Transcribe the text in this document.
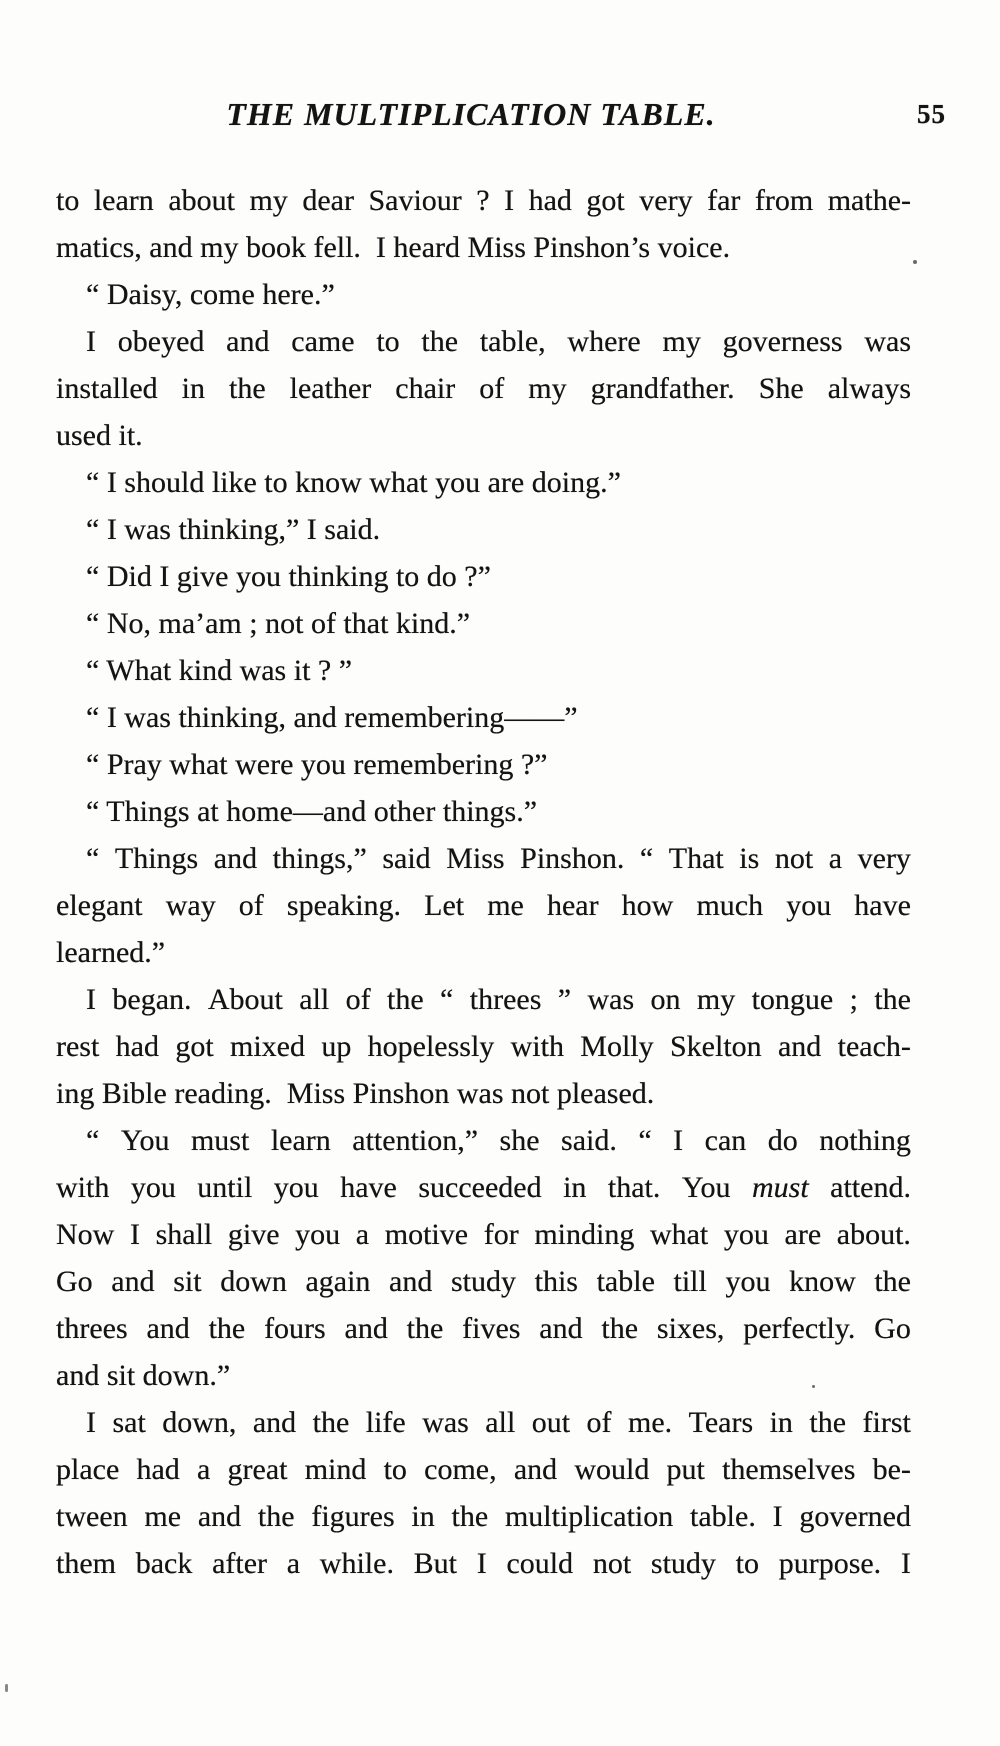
THE MULTIPLICATION TABLE.	55
to learn about my dear Saviour ? I had got very far from mathe-
matics, and my book fell.  I heard Miss Pinshon’s voice.
“ Daisy, come here.”
I obeyed and came to the table, where my governess was
installed in the leather chair of my grandfather. She always
used it.
“ I should like to know what you are doing.”
“ I was thinking,” I said.
“ Did I give you thinking to do ?”
“ No, ma’am ; not of that kind.”
“ What kind was it ? ”
“ I was thinking, and remembering——”
“ Pray what were you remembering ?”
“ Things at home—and other things.”
“ Things and things,” said Miss Pinshon. “ That is not a very
elegant way of speaking. Let me hear how much you have
learned.”
I began. About all of the “ threes ” was on my tongue ; the
rest had got mixed up hopelessly with Molly Skelton and teach-
ing Bible reading.  Miss Pinshon was not pleased.
“ You must learn attention,” she said. “ I can do nothing
with you until you have succeeded in that. You must attend.
Now I shall give you a motive for minding what you are about.
Go and sit down again and study this table till you know the
threes and the fours and the fives and the sixes, perfectly. Go
and sit down.”
I sat down, and the life was all out of me. Tears in the first
place had a great mind to come, and would put themselves be-
tween me and the figures in the multiplication table. I governed
them back after a while. But I could not study to purpose. I
